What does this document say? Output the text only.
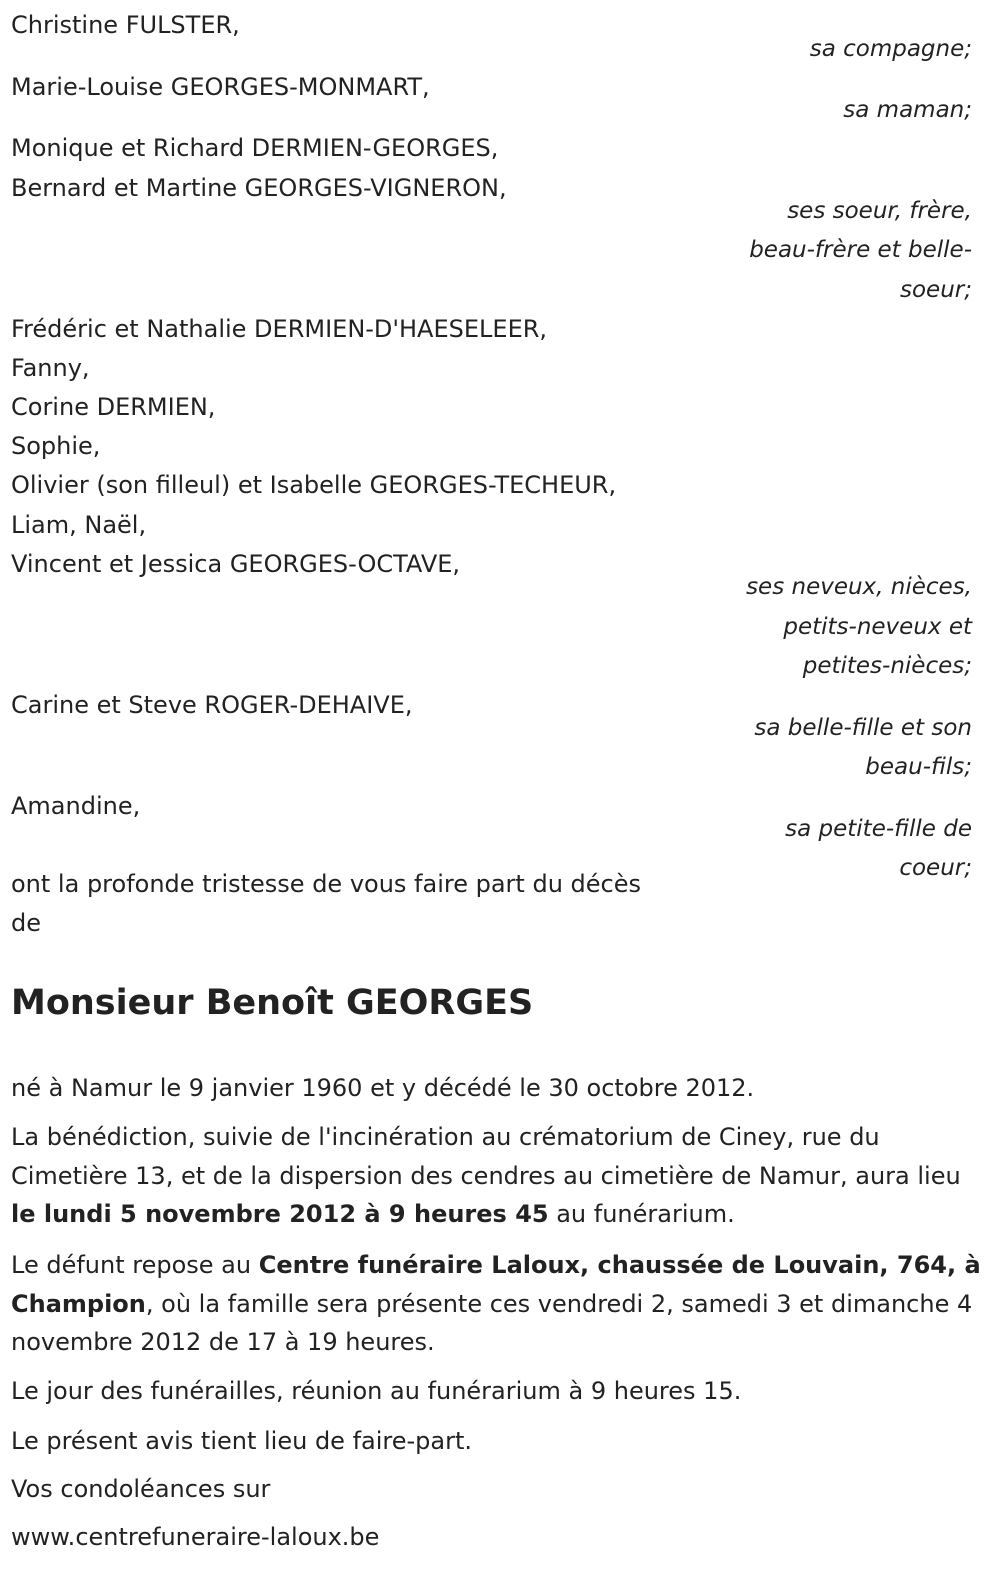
Christine FULSTER,
sa compagne;
Marie-Louise GEORGES-MONMART,
sa maman;
Monique et Richard DERMIEN-GEORGES,
Bernard et Martine GEORGES-VIGNERON,
ses soeur, frère,
beau-frère et belle-
soeur;
Frédéric et Nathalie DERMIEN-D'HAESELEER,
Fanny,
Corine DERMIEN,
Sophie,
Olivier (son filleul) et Isabelle GEORGES-TECHEUR,
Liam, Naël,
Vincent et Jessica GEORGES-OCTAVE,
ses neveux, nièces,
petits-neveux et
petites-nièces;
Carine et Steve ROGER-DEHAIVE,
sa belle-fille et son
beau-fils;
Amandine,
sa petite-fille de
coeur;
ont la profonde tristesse de vous faire part du décès
de
Monsieur Benoît GEORGES
né à Namur le 9 janvier 1960 et y décédé le 30 octobre 2012.
La bénédiction, suivie de l'incinération au crématorium de Ciney, rue du Cimetière 13, et de la dispersion des cendres au cimetière de Namur, aura lieu le lundi 5 novembre 2012 à 9 heures 45 au funérarium.
Le défunt repose au Centre funéraire Laloux, chaussée de Louvain, 764, à Champion, où la famille sera présente ces vendredi 2, samedi 3 et dimanche 4 novembre 2012 de 17 à 19 heures.
Le jour des funérailles, réunion au funérarium à 9 heures 15.
Le présent avis tient lieu de faire-part.
Vos condoléances sur
www.centrefuneraire-laloux.be
